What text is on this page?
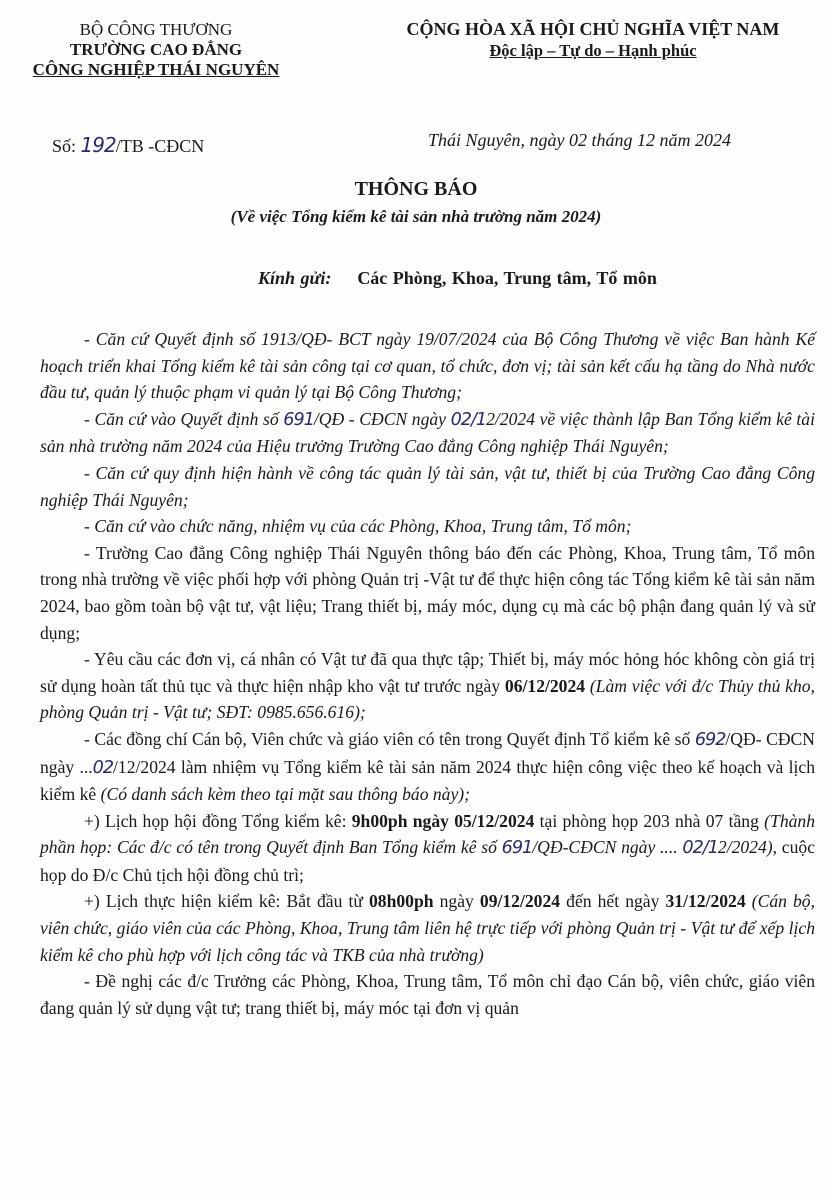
BỘ CÔNG THƯƠNG
TRƯỜNG CAO ĐẲNG
CÔNG NGHIỆP THÁI NGUYÊN
CỘNG HÒA XÃ HỘI CHỦ NGHĨA VIỆT NAM
Độc lập – Tự do – Hạnh phúc
Số: 192/TB -CĐCN	Thái Nguyên, ngày 02 tháng 12 năm 2024
THÔNG BÁO
(Về việc Tổng kiểm kê tài sản nhà trường năm 2024)
Kính gửi: Các Phòng, Khoa, Trung tâm, Tổ môn

- Căn cứ Quyết định số 1913/QĐ- BCT ngày 19/07/2024 của Bộ Công Thương về việc Ban hành Kế hoạch triển khai Tổng kiểm kê tài sản công tại cơ quan, tổ chức, đơn vị; tài sản kết cấu hạ tầng do Nhà nước đầu tư, quản lý thuộc phạm vi quản lý tại Bộ Công Thương;

- Căn cứ vào Quyết định số 691/QĐ - CĐCN ngày 02/12/2024 về việc thành lập Ban Tổng kiểm kê tài sản nhà trường năm 2024 của Hiệu trưởng Trường Cao đẳng Công nghiệp Thái Nguyên;

- Căn cứ quy định hiện hành về công tác quản lý tài sản, vật tư, thiết bị của Trường Cao đẳng Công nghiệp Thái Nguyên;

- Căn cứ vào chức năng, nhiệm vụ của các Phòng, Khoa, Trung tâm, Tổ môn;

- Trường Cao đẳng Công nghiệp Thái Nguyên thông báo đến các Phòng, Khoa, Trung tâm, Tổ môn trong nhà trường về việc phối hợp với phòng Quản trị -Vật tư để thực hiện công tác Tổng kiểm kê tài sản năm 2024, bao gồm toàn bộ vật tư, vật liệu; Trang thiết bị, máy móc, dụng cụ mà các bộ phận đang quản lý và sử dụng;

- Yêu cầu các đơn vị, cá nhân có Vật tư đã qua thực tập; Thiết bị, máy móc hỏng hóc không còn giá trị sử dụng hoàn tất thủ tục và thực hiện nhập kho vật tư trước ngày 06/12/2024 (Làm việc với đ/c Thủy thủ kho, phòng Quản trị - Vật tư; SĐT: 0985.656.616);

- Các đồng chí Cán bộ, Viên chức và giáo viên có tên trong Quyết định Tổ kiểm kê số 692/QĐ- CĐCN ngày ...02/12/2024 làm nhiệm vụ Tổng kiểm kê tài sản năm 2024 thực hiện công việc theo kế hoạch và lịch kiểm kê (Có danh sách kèm theo tại mặt sau thông báo này);

+) Lịch họp hội đồng Tổng kiểm kê: 9h00ph ngày 05/12/2024 tại phòng họp 203 nhà 07 tầng (Thành phần họp: Các đ/c có tên trong Quyết định Ban Tổng kiểm kê số 691/QĐ-CĐCN ngày .... 02/12/2024), cuộc họp do Đ/c Chủ tịch hội đồng chủ trì;

+) Lịch thực hiện kiểm kê: Bắt đầu từ 08h00ph ngày 09/12/2024 đến hết ngày 31/12/2024 (Cán bộ, viên chức, giáo viên của các Phòng, Khoa, Trung tâm liên hệ trực tiếp với phòng Quản trị - Vật tư để xếp lịch kiểm kê cho phù hợp với lịch công tác và TKB của nhà trường)

- Đề nghị các đ/c Trưởng các Phòng, Khoa, Trung tâm, Tổ môn chỉ đạo Cán bộ, viên chức, giáo viên đang quản lý sử dụng vật tư; trang thiết bị, máy móc tại đơn vị quản
